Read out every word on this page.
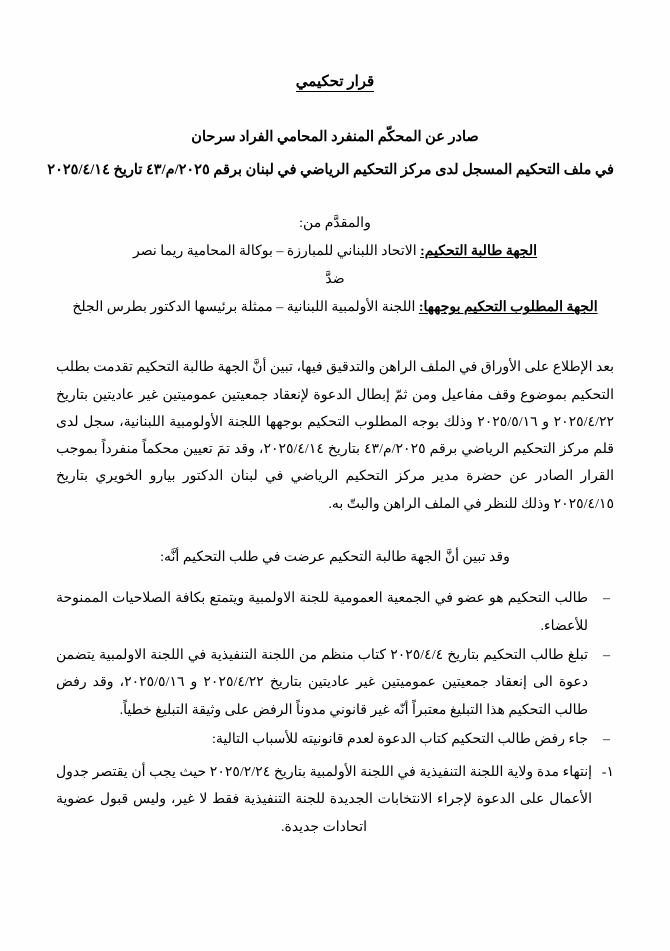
قرار تحكيمي
صادر عن المحكّم المنفرد المحامي الفراد سرحان
في ملف التحكيم المسجل لدى مركز التحكيم الرياضي في لبنان برقم ٢٠٢٥/م/٤٣ تاريخ ٢٠٢٥/٤/١٤
والمقدَّم من:
الجهة طالبة التحكيم: الاتحاد اللبناني للمبارزة – بوكالة المحامية ريما نصر
ضدَّ
الجهة المطلوب التحكيم بوجهها: اللجنة الأولمبية اللبنانية – ممثلة برئيسها الدكتور بطرس الجلخ

بعد الإطلاع على الأوراق في الملف الراهن والتدقيق فيها، تبين أنَّ الجهة طالبة التحكيم تقدمت بطلب التحكيم بموضوع وقف مفاعيل ومن ثمّ إبطال الدعوة لإنعقاد جمعيتين عموميتين غير عاديتين بتاريخ ٢٠٢٥/٤/٢٢ و ٢٠٢٥/٥/١٦ وذلك بوجه المطلوب التحكيم بوجهها اللجنة الأولومبية اللبنانية، سجل لدى قلم مركز التحكيم الرياضي برقم ٢٠٢٥/م/٤٣ بتاريخ ٢٠٢٥/٤/١٤، وقد تمَ تعيين محكماً منفرداً بموجب القرار الصادر عن حضرة مدير مركز التحكيم الرياضي في لبنان الدكتور بيارو الخويري بتاريخ ٢٠٢٥/٤/١٥ وذلك للنظر في الملف الراهن والبتّ به.

وقد تبين أنَّ الجهة طالبة التحكيم عرضت في طلب التحكيم أنَّه:

– طالب التحكيم هو عضو في الجمعية العمومية للجنة الاولمبية ويتمتع بكافة الصلاحيات الممنوحة للأعضاء.
– تبلغ طالب التحكيم بتاريخ ٢٠٢٥/٤/٤ كتاب منظم من اللجنة التنفيذية في اللجنة الاولمبية يتضمن دعوة الى إنعقاد جمعيتين عموميتين غير عاديتين بتاريخ ٢٠٢٥/٤/٢٢ و ٢٠٢٥/٥/١٦، وقد رفض طالب التحكيم هذا التبليغ معتبراً أنّه غير قانوني مدوناً الرفض على وثيقة التبليغ خطياً.
– جاء رفض طالب التحكيم كتاب الدعوة لعدم قانونيته للأسباب التالية:
١-
إنتهاء مدة ولاية اللجنة التنفيذية في اللجنة الأولمبية بتاريخ ٢٠٢٥/٢/٢٤ حيث يجب أن يقتصر جدول الأعمال على الدعوة لإجراء الانتخابات الجديدة للجنة التنفيذية فقط لا غير، وليس قبول عضوية اتحادات جديدة.
